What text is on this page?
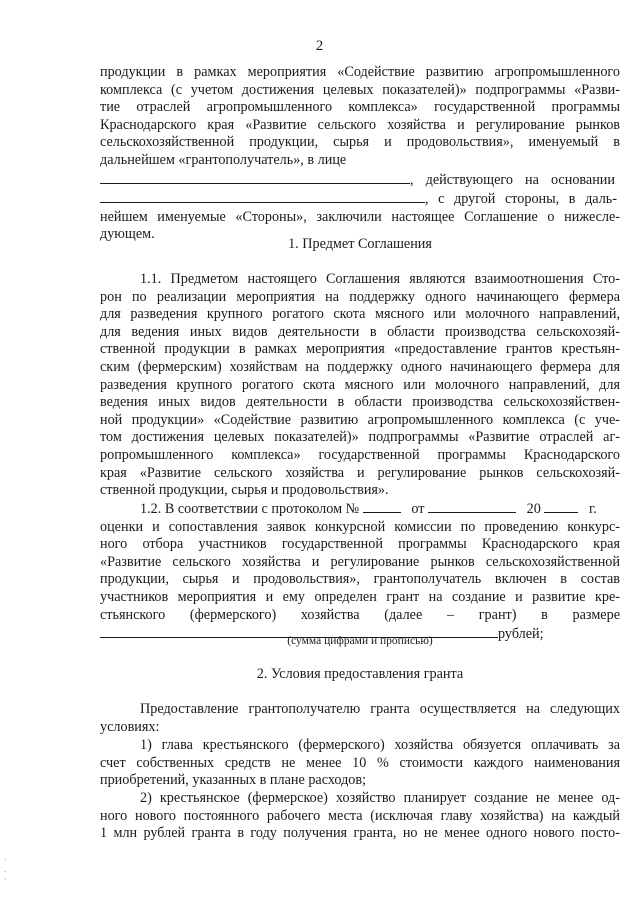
2
продукции в рамках мероприятия «Содействие развитию агропромышленного
комплекса (с учетом достижения целевых показателей)» подпрограммы «Разви-
тие отраслей агропромышленного комплекса» государственной программы
Краснодарского края «Развитие сельского хозяйства и регулирование рынков
сельскохозяйственной продукции, сырья и продовольствия», именуемый в
дальнейшем «грантополучатель», в лице
, действующего на основании
, с другой стороны, в даль-
нейшем именуемые «Стороны», заключили настоящее Соглашение о нижесле-
дующем.
1. Предмет Соглашения
1.1. Предметом настоящего Соглашения являются взаимоотношения Сто-
рон по реализации мероприятия на поддержку одного начинающего фермера
для разведения крупного рогатого скота мясного или молочного направлений,
для ведения иных видов деятельности в области производства сельскохозяй-
ственной продукции в рамках мероприятия «предоставление грантов крестьян-
ским (фермерским) хозяйствам на поддержку одного начинающего фермера для
разведения крупного рогатого скота мясного или молочного направлений, для
ведения иных видов деятельности в области производства сельскохозяйствен-
ной продукции» «Содействие развитию агропромышленного комплекса (с уче-
том достижения целевых показателей)» подпрограммы «Развитие отраслей аг-
ропромышленного комплекса» государственной программы Краснодарского
края «Развитие сельского хозяйства и регулирование рынков сельскохозяй-
ственной продукции, сырья и продовольствия».
1.2. В соответствии с протоколом №	от	20	г.
оценки и сопоставления заявок конкурсной комиссии по проведению конкурс-
ного отбора участников государственной программы Краснодарского края
«Развитие сельского хозяйства и регулирование рынков сельскохозяйственной
продукции, сырья и продовольствия», грантополучатель включен в состав
участников мероприятия и ему определен грант на создание и развитие кре-
стьянского (фермерского) хозяйства (далее – грант) в размере
рублей;
(сумма цифрами и прописью)
2. Условия предоставления гранта
Предоставление грантополучателю гранта осуществляется на следующих
условиях:
1) глава крестьянского (фермерского) хозяйства обязуется оплачивать за
счет собственных средств не менее 10 % стоимости каждого наименования
приобретений, указанных в плане расходов;
2) крестьянское (фермерское) хозяйство планирует создание не менее од-
ного нового постоянного рабочего места (исключая главу хозяйства) на каждый
1 млн рублей гранта в году получения гранта, но не менее одного нового посто-
·
.
·
